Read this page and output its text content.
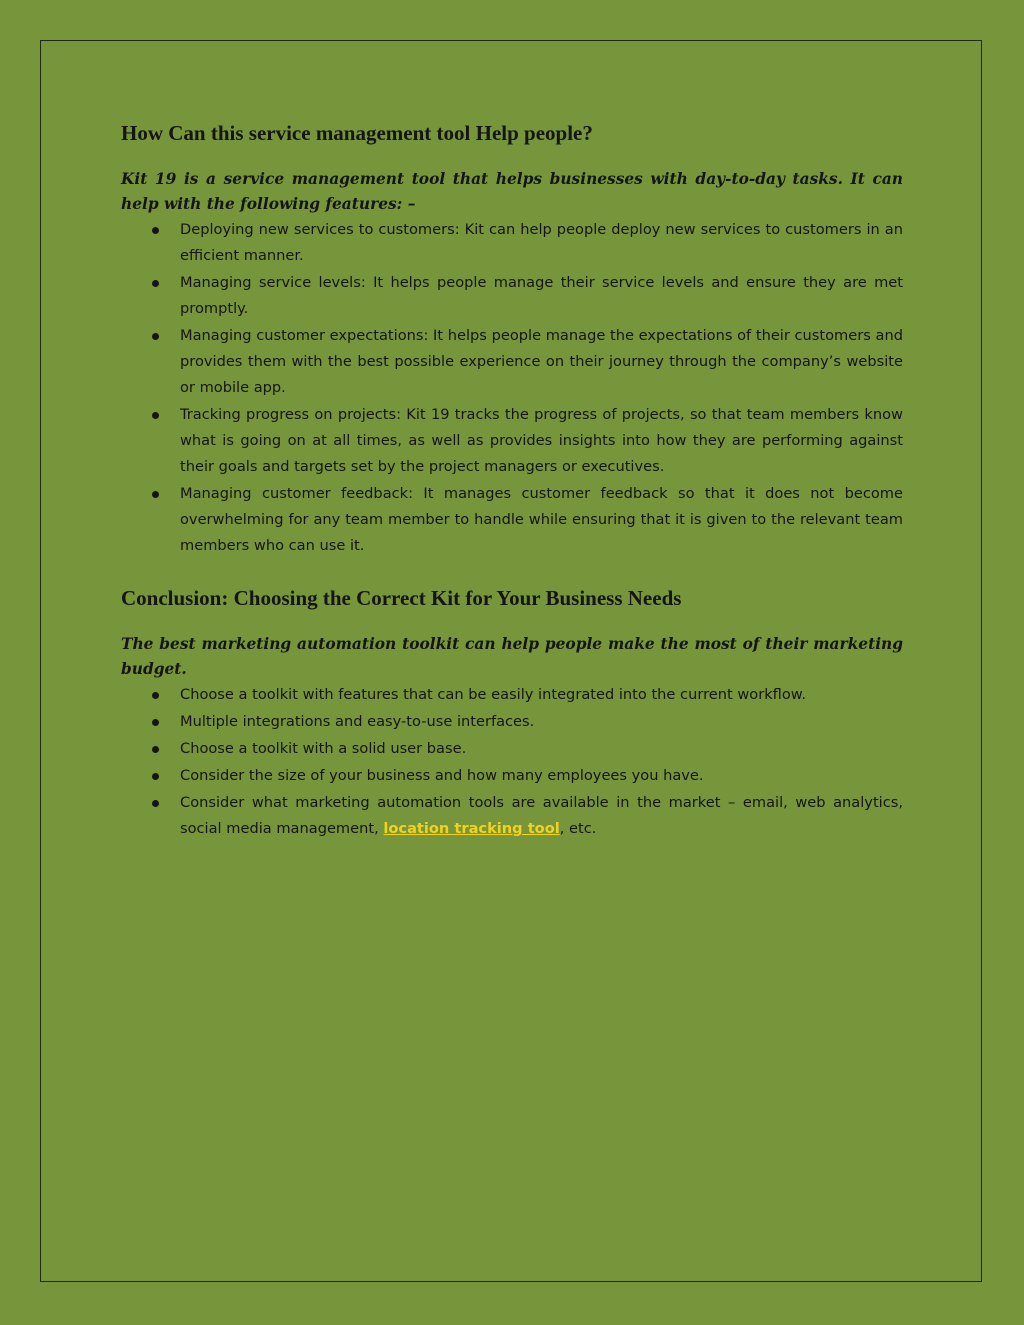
How Can this service management tool Help people?

Kit 19 is a service management tool that helps businesses with day-to-day tasks. It can help with the following features: –

Deploying new services to customers: Kit can help people deploy new services to customers in an efficient manner.
Managing service levels: It helps people manage their service levels and ensure they are met promptly.
Managing customer expectations: It helps people manage the expectations of their customers and provides them with the best possible experience on their journey through the company’s website or mobile app.
Tracking progress on projects: Kit 19 tracks the progress of projects, so that team members know what is going on at all times, as well as provides insights into how they are performing against their goals and targets set by the project managers or executives.
Managing customer feedback: It manages customer feedback so that it does not become overwhelming for any team member to handle while ensuring that it is given to the relevant team members who can use it.
Conclusion: Choosing the Correct Kit for Your Business Needs

The best marketing automation toolkit can help people make the most of their marketing budget.

Choose a toolkit with features that can be easily integrated into the current workflow.
Multiple integrations and easy-to-use interfaces.
Choose a toolkit with a solid user base.
Consider the size of your business and how many employees you have.
Consider what marketing automation tools are available in the market – email, web analytics, social media management, location tracking tool, etc.
